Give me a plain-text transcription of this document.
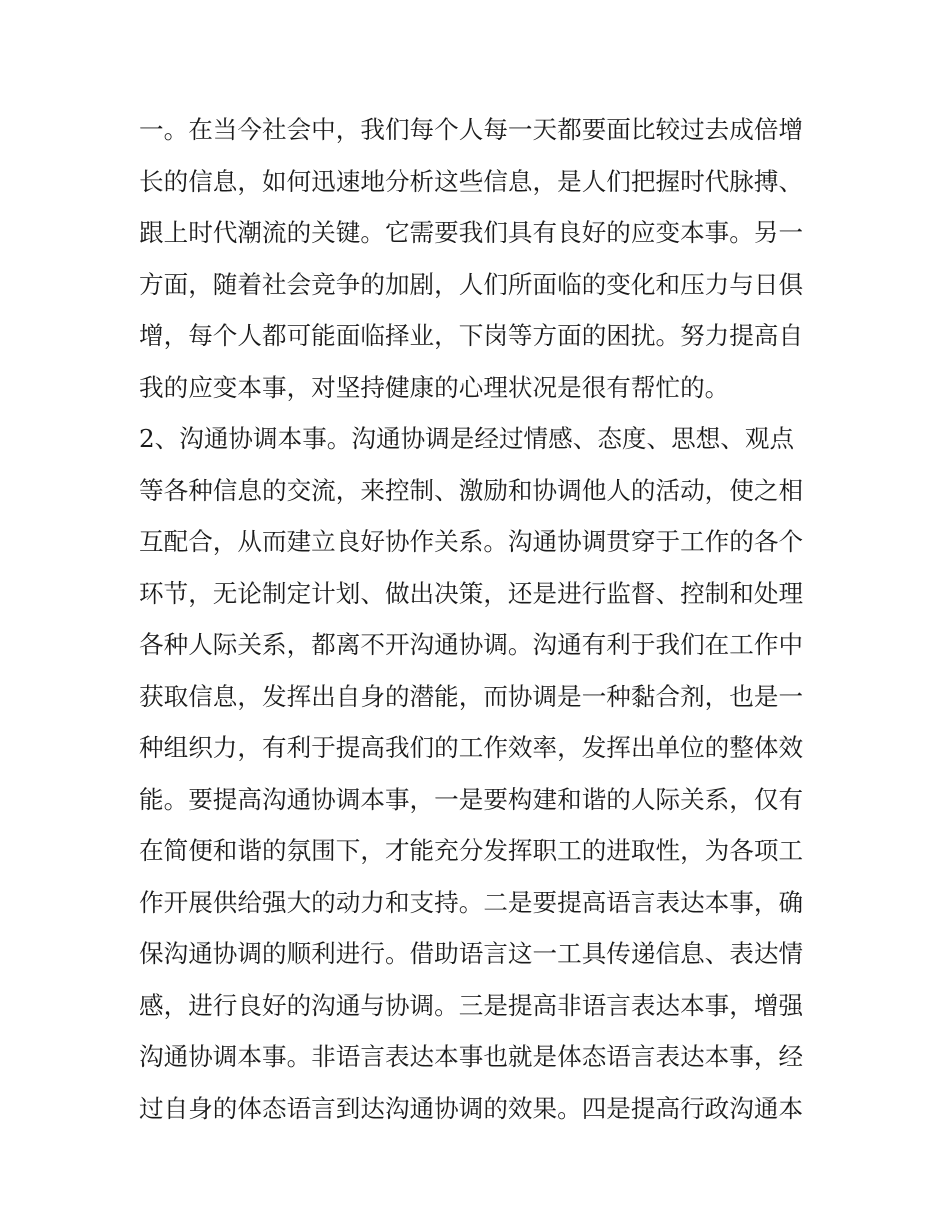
一。在当今社会中，我们每个人每一天都要面比较过去成倍增
长的信息，如何迅速地分析这些信息，是人们把握时代脉搏、
跟上时代潮流的关键。它需要我们具有良好的应变本事。另一
方面，随着社会竞争的加剧，人们所面临的变化和压力与日俱
增，每个人都可能面临择业，下岗等方面的困扰。努力提高自
我的应变本事，对坚持健康的心理状况是很有帮忙的。
2、沟通协调本事。沟通协调是经过情感、态度、思想、观点
等各种信息的交流，来控制、激励和协调他人的活动，使之相
互配合，从而建立良好协作关系。沟通协调贯穿于工作的各个
环节，无论制定计划、做出决策，还是进行监督、控制和处理
各种人际关系，都离不开沟通协调。沟通有利于我们在工作中
获取信息，发挥出自身的潜能，而协调是一种黏合剂，也是一
种组织力，有利于提高我们的工作效率，发挥出单位的整体效
能。要提高沟通协调本事，一是要构建和谐的人际关系，仅有
在简便和谐的氛围下，才能充分发挥职工的进取性，为各项工
作开展供给强大的动力和支持。二是要提高语言表达本事，确
保沟通协调的顺利进行。借助语言这一工具传递信息、表达情
感，进行良好的沟通与协调。三是提高非语言表达本事，增强
沟通协调本事。非语言表达本事也就是体态语言表达本事，经
过自身的体态语言到达沟通协调的效果。四是提高行政沟通本
